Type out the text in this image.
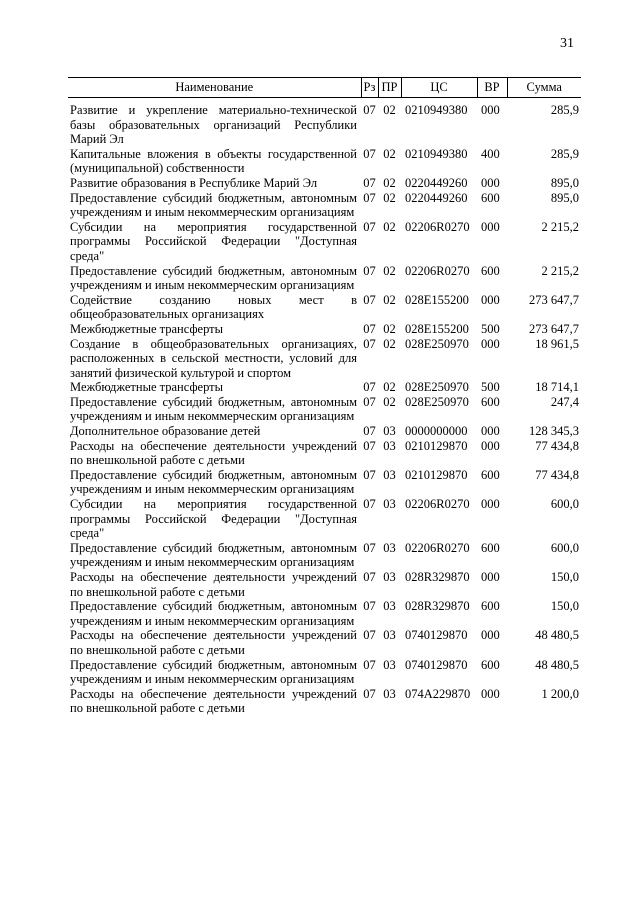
31
Наименование	Рз	ПР	ЦС	ВР	Сумма

Развитие и укрепление материально-технической базы образовательных организаций Республики Марий Эл	07	02	0210949380	000	285,9
Капитальные вложения в объекты государственной (муниципальной) собственности	07	02	0210949380	400	285,9
Развитие образования в Республике Марий Эл	07	02	0220449260	000	895,0
Предоставление субсидий бюджетным, автономным учреждениям и иным некоммерческим организациям	07	02	0220449260	600	895,0
Субсидии на мероприятия государственной программы Российской Федерации "Доступная среда"	07	02	02206R0270	000	2 215,2
Предоставление субсидий бюджетным, автономным учреждениям и иным некоммерческим организациям	07	02	02206R0270	600	2 215,2
Содействие созданию новых мест в общеобразовательных организациях	07	02	028E155200	000	273 647,7
Межбюджетные трансферты	07	02	028E155200	500	273 647,7
Создание в общеобразовательных организациях, расположенных в сельской местности, условий для занятий физической культурой и спортом	07	02	028E250970	000	18 961,5
Межбюджетные трансферты	07	02	028E250970	500	18 714,1
Предоставление субсидий бюджетным, автономным учреждениям и иным некоммерческим организациям	07	02	028E250970	600	247,4
Дополнительное образование детей	07	03	0000000000	000	128 345,3
Расходы на обеспечение деятельности учреждений по внешкольной работе с детьми	07	03	0210129870	000	77 434,8
Предоставление субсидий бюджетным, автономным учреждениям и иным некоммерческим организациям	07	03	0210129870	600	77 434,8
Субсидии на мероприятия государственной программы Российской Федерации "Доступная среда"	07	03	02206R0270	000	600,0
Предоставление субсидий бюджетным, автономным учреждениям и иным некоммерческим организациям	07	03	02206R0270	600	600,0
Расходы на обеспечение деятельности учреждений по внешкольной работе с детьми	07	03	028R329870	000	150,0
Предоставление субсидий бюджетным, автономным учреждениям и иным некоммерческим организациям	07	03	028R329870	600	150,0
Расходы на обеспечение деятельности учреждений по внешкольной работе с детьми	07	03	0740129870	000	48 480,5
Предоставление субсидий бюджетным, автономным учреждениям и иным некоммерческим организациям	07	03	0740129870	600	48 480,5
Расходы на обеспечение деятельности учреждений по внешкольной работе с детьми	07	03	074A229870	000	1 200,0
